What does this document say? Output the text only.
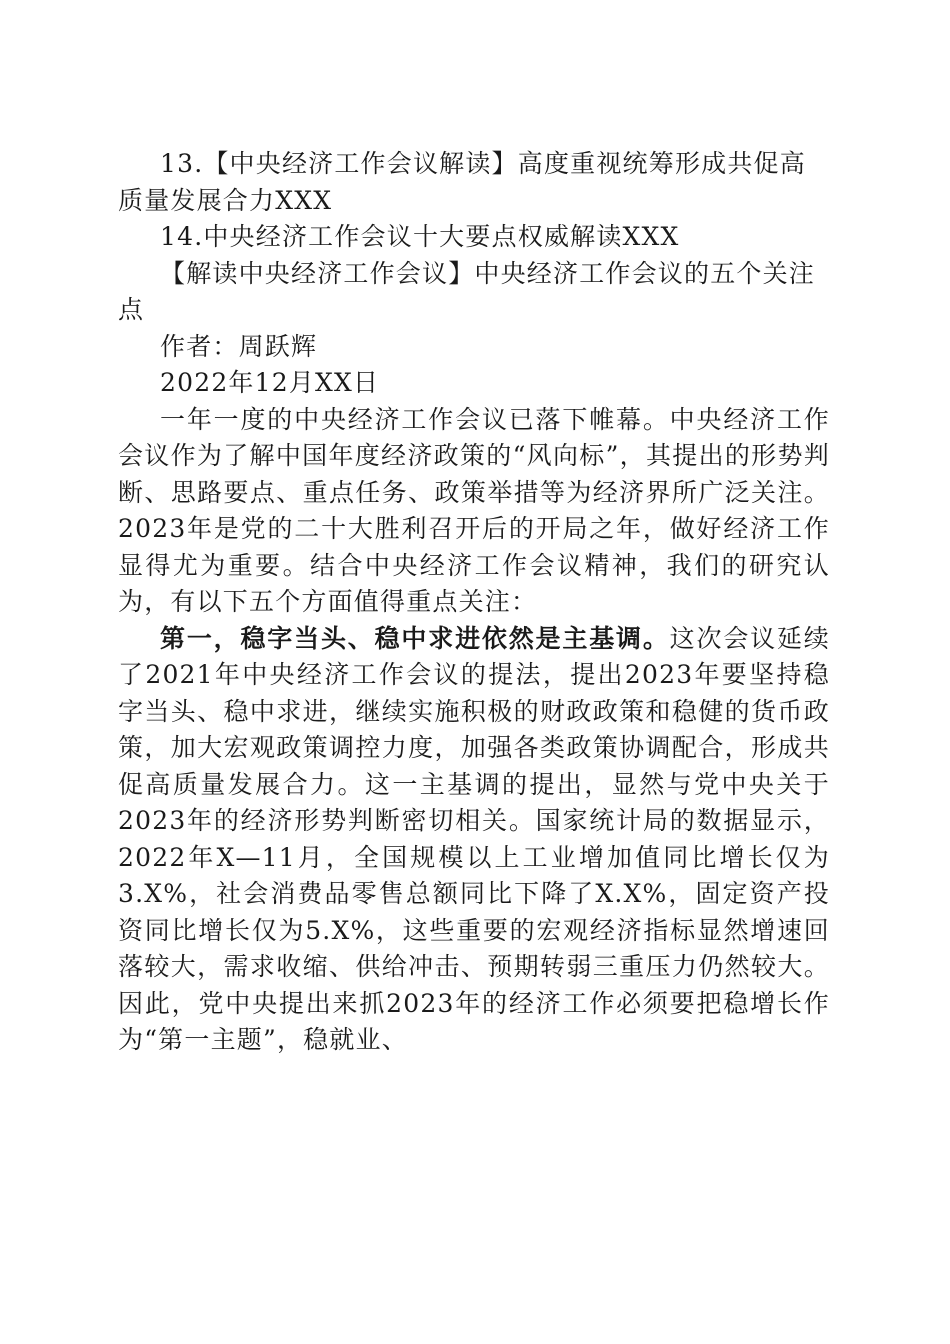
13.【中央经济工作会议解读】高度重视统筹形成共促高质量发展合力XXX

14.中央经济工作会议十大要点权威解读XXX

【解读中央经济工作会议】中央经济工作会议的五个关注点

作者：周跃辉

2022年12月XX日

一年一度的中央经济工作会议已落下帷幕。中央经济工作会议作为了解中国年度经济政策的“风向标”，其提出的形势判断、思路要点、重点任务、政策举措等为经济界所广泛关注。2023年是党的二十大胜利召开后的开局之年，做好经济工作显得尤为重要。结合中央经济工作会议精神，我们的研究认为，有以下五个方面值得重点关注：

第一，稳字当头、稳中求进依然是主基调。这次会议延续了2021年中央经济工作会议的提法，提出2023年要坚持稳字当头、稳中求进，继续实施积极的财政政策和稳健的货币政策，加大宏观政策调控力度，加强各类政策协调配合，形成共促高质量发展合力。这一主基调的提出，显然与党中央关于2023年的经济形势判断密切相关。国家统计局的数据显示，2022年X—11月，全国规模以上工业增加值同比增长仅为3.X%，社会消费品零售总额同比下降了X.X%，固定资产投资同比增长仅为5.X%，这些重要的宏观经济指标显然增速回落较大，需求收缩、供给冲击、预期转弱三重压力仍然较大。因此，党中央提出来抓2023年的经济工作必须要把稳增长作为“第一主题”，稳就业、
